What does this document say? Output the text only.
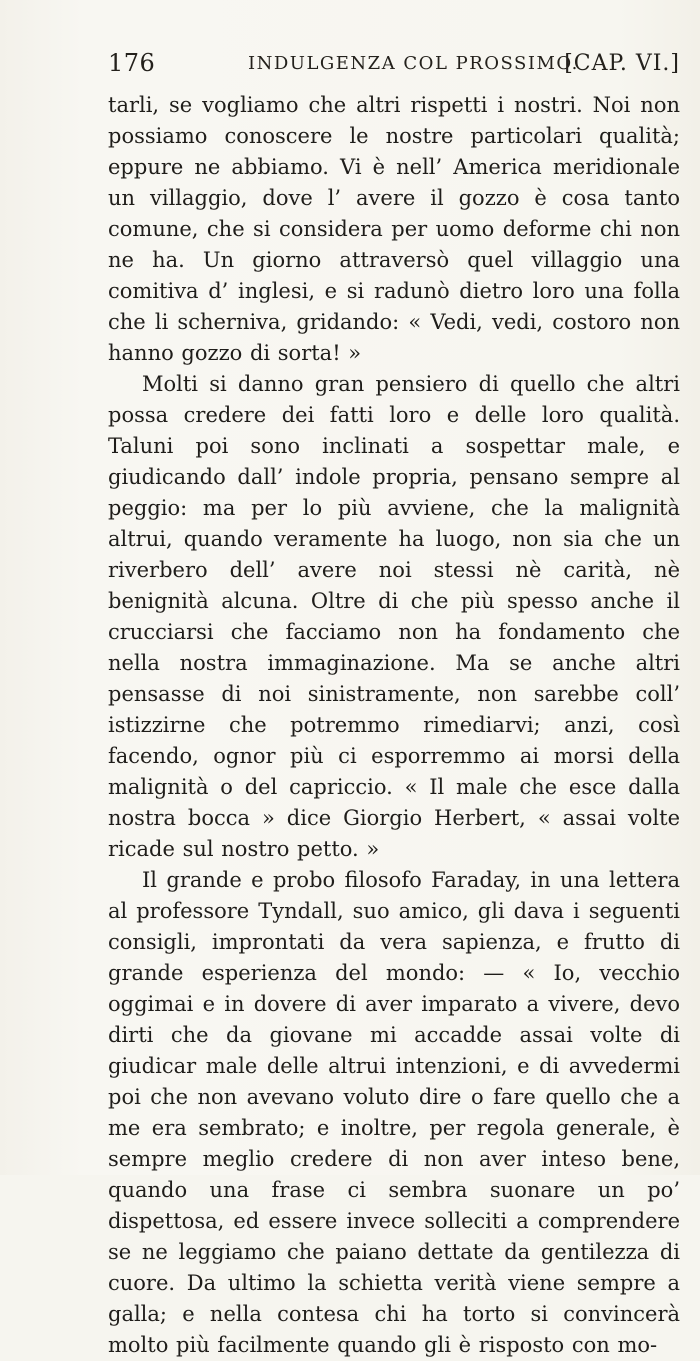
176	INDULGENZA COL PROSSIMO.
[CAP. VI.]

tarli, se vogliamo che altri rispetti i nostri. Noi non possiamo conoscere le nostre particolari qualità; eppure ne abbiamo. Vi è nell’ America meridionale un villaggio, dove l’ avere il gozzo è cosa tanto comune, che si considera per uomo deforme chi non ne ha. Un giorno attraversò quel villaggio una comitiva d’ inglesi, e si radunò dietro loro una folla che li scherniva, gridando: « Vedi, vedi, costoro non hanno gozzo di sorta! »

Molti si danno gran pensiero di quello che altri possa credere dei fatti loro e delle loro qualità. Taluni poi sono inclinati a sospettar male, e giudicando dall’ indole propria, pensano sempre al peggio: ma per lo più avviene, che la malignità altrui, quando veramente ha luogo, non sia che un riverbero dell’ avere noi stessi nè carità, nè benignità alcuna. Oltre di che più spesso anche il crucciarsi che facciamo non ha fondamento che nella nostra immaginazione. Ma se anche altri pensasse di noi sinistramente, non sarebbe coll’ istizzirne che potremmo rimediarvi; anzi, così facendo, ognor più ci esporremmo ai morsi della malignità o del capriccio. « Il male che esce dalla nostra bocca » dice Giorgio Herbert, « assai volte ricade sul nostro petto. »

Il grande e probo filosofo Faraday, in una lettera al professore Tyndall, suo amico, gli dava i seguenti consigli, improntati da vera sapienza, e frutto di grande esperienza del mondo: — « Io, vecchio oggimai e in dovere di aver imparato a vivere, devo dirti che da giovane mi accadde assai volte di giudicar male delle altrui intenzioni, e di avvedermi poi che non avevano voluto dire o fare quello che a me era sembrato; e inoltre, per regola generale, è sempre meglio credere di non aver inteso bene, quando una frase ci sembra suonare un po’ dispettosa, ed essere invece solleciti a comprendere se ne leggiamo che paiano dettate da gentilezza di cuore. Da ultimo la schietta verità viene sempre a galla; e nella contesa chi ha torto si convincerà molto più facilmente quando gli è risposto con mo-
